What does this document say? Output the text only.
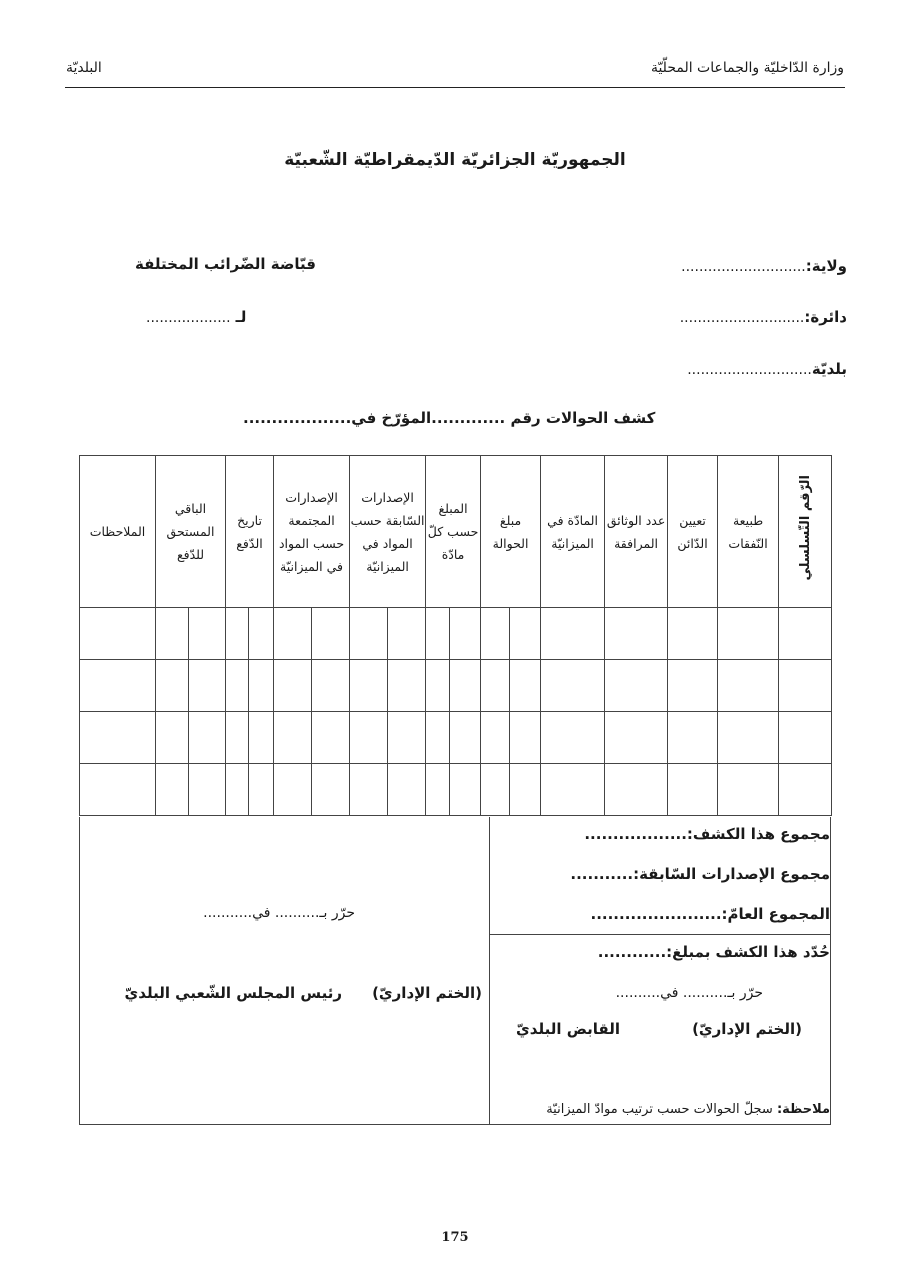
وزارة الدّاخليّة والجماعات المحلّيّة
البلديّة
الجمهوريّة الجزائريّة الدّيمقراطيّة الشّعبيّة
ولاية:............................
دائرة:............................
بلديّة............................
قبّاضة الضّرائب المختلفة
لـ ...................
كشف الحوالات رقم .............المؤرّخ في...................
الرّقم التّسلسلي	طبيعة النّفقات	تعيين الدّائن	عدد الوثائق المرافقة	المادّة في الميزانيّة	مبلغ الحوالة		المبلغ حسب كلّ مادّة		الإصدارات السّابقة حسب المواد في الميزانيّة		الإصدارات المجتمعة حسب المواد في الميزانيّة		تاريخ الدّفع		الباقي المستحق للدّفع		الملاحظات

مجموع هذا الكشف:..................
مجموع الإصدارات السّابقة:...........
المجموع العامّ:.......................
حُدّد هذا الكشف بمبلغ:............
حرّر بـ.......... في..........
(الختم الإداريّ)
القابض البلديّ
ملاحظة: سجلّ الحوالات حسب ترتيب موادّ الميزانيّة
حرّر بـ.......... في...........
(الختم الإداريّ)
رئيس المجلس الشّعبي البلديّ
175
